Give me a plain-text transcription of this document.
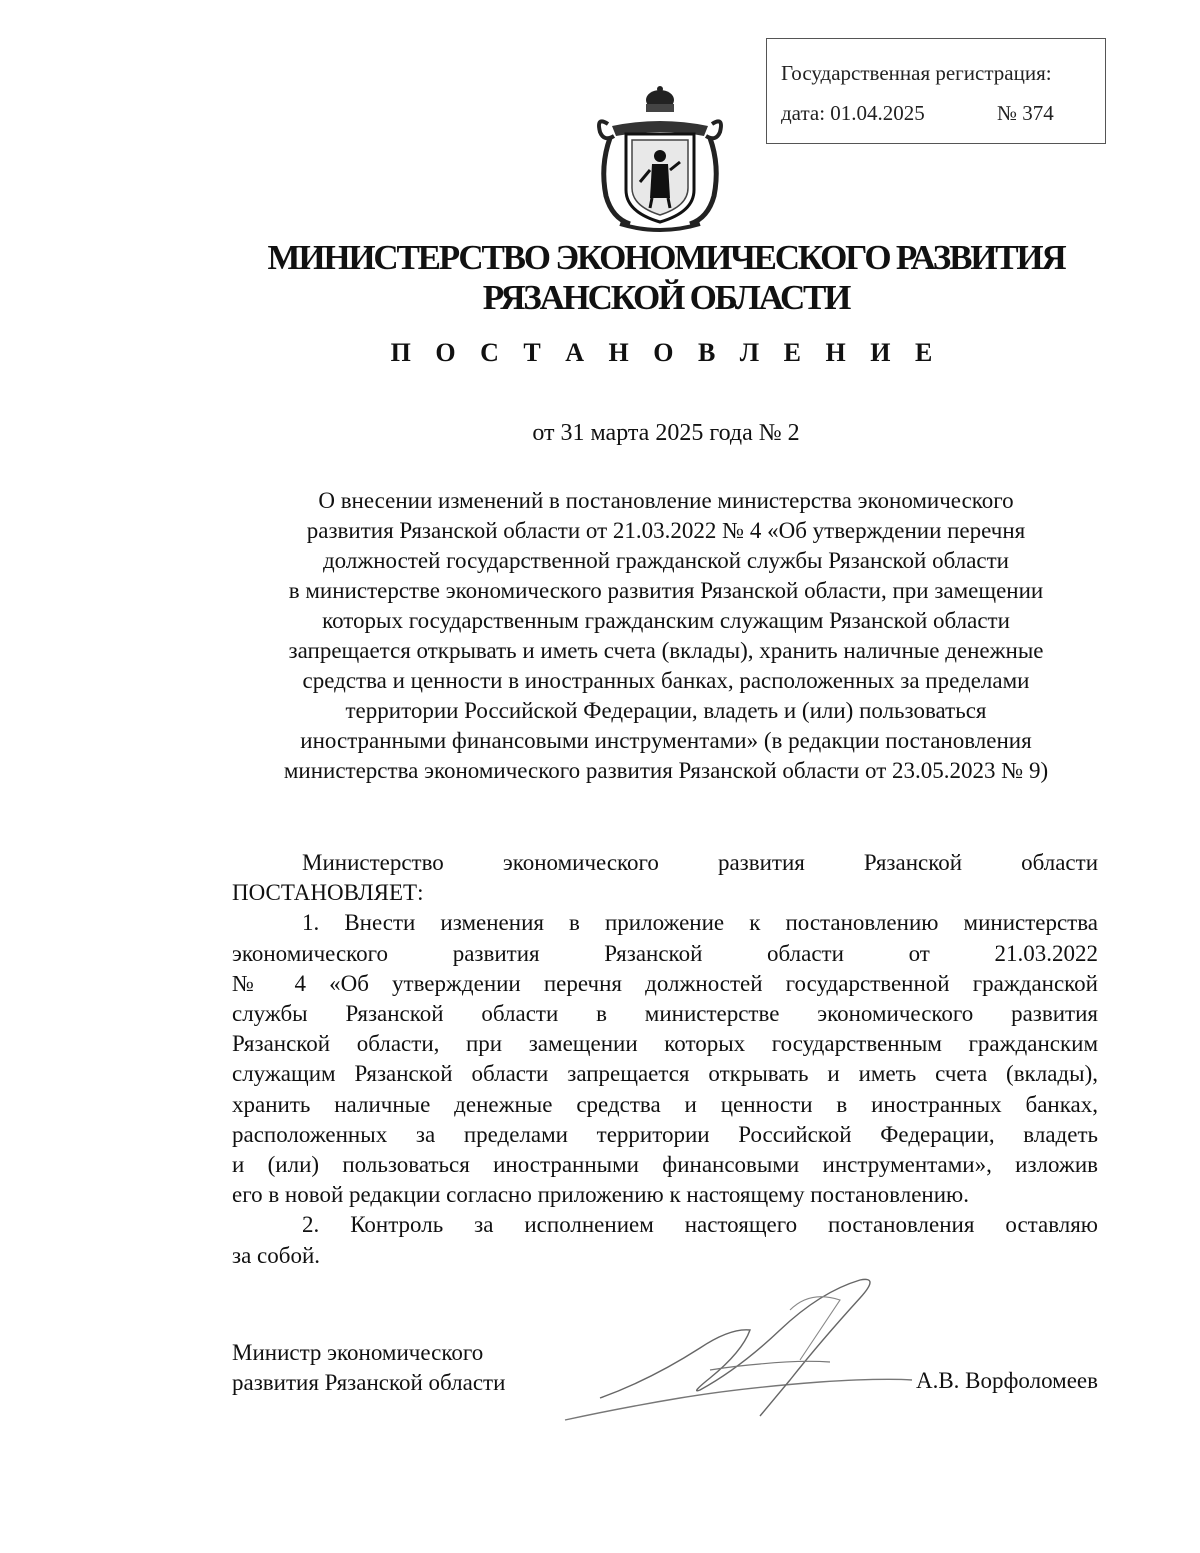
Государственная регистрация:
дата: 01.04.2025	№ 374
МИНИСТЕРСТВО ЭКОНОМИЧЕСКОГО РАЗВИТИЯ
РЯЗАНСКОЙ ОБЛАСТИ
П О С Т А Н О В Л Е Н И Е
от 31 марта 2025 года № 2
О внесении изменений в постановление министерства экономического
развития Рязанской области от 21.03.2022 № 4 «Об утверждении перечня
должностей государственной гражданской службы Рязанской области
в министерстве экономического развития Рязанской области, при замещении
которых государственным гражданским служащим Рязанской области
запрещается открывать и иметь счета (вклады), хранить наличные денежные
средства и ценности в иностранных банках, расположенных за пределами
территории Российской Федерации, владеть и (или) пользоваться
иностранными финансовыми инструментами» (в редакции постановления
министерства экономического развития Рязанской области от 23.05.2023 № 9)
Министерство экономического развития Рязанской области
ПОСТАНОВЛЯЕТ:
1. Внести изменения в приложение к постановлению министерства
экономического развития Рязанской области от 21.03.2022
№ 4 «Об утверждении перечня должностей государственной гражданской
службы Рязанской области в министерстве экономического развития
Рязанской области, при замещении которых государственным гражданским
служащим Рязанской области запрещается открывать и иметь счета (вклады),
хранить наличные денежные средства и ценности в иностранных банках,
расположенных за пределами территории Российской Федерации, владеть
и (или) пользоваться иностранными финансовыми инструментами», изложив
его в новой редакции согласно приложению к настоящему постановлению.
2. Контроль за исполнением настоящего постановления оставляю
за собой.
Министр экономического
развития Рязанской области	А.В. Ворфоломеев
